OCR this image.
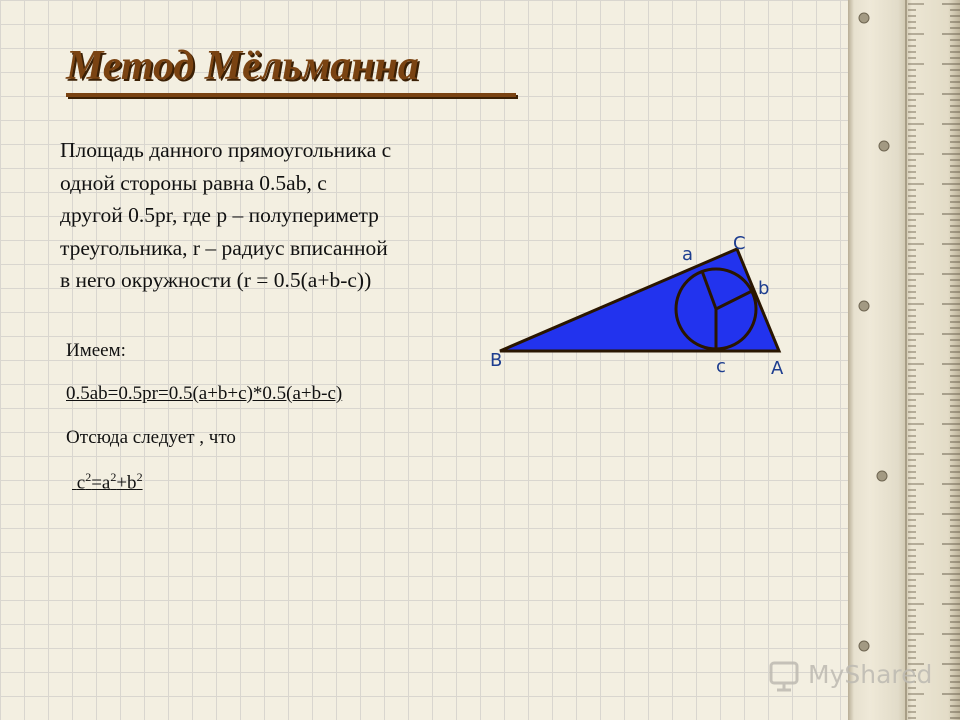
Метод Мёльманна

Площадь данного прямоугольника с
одной стороны равна 0.5ab, с
другой 0.5pr, где p – полупериметр
треугольника, r – радиус вписанной
в него окружности (r = 0.5(a+b-c))

Имеем:

0.5ab=0.5pr=0.5(a+b+c)*0.5(a+b-c)

Отсюда следует , что

$c^2=a^2+b^2$

a
C
b
B	c	A
MyShared
